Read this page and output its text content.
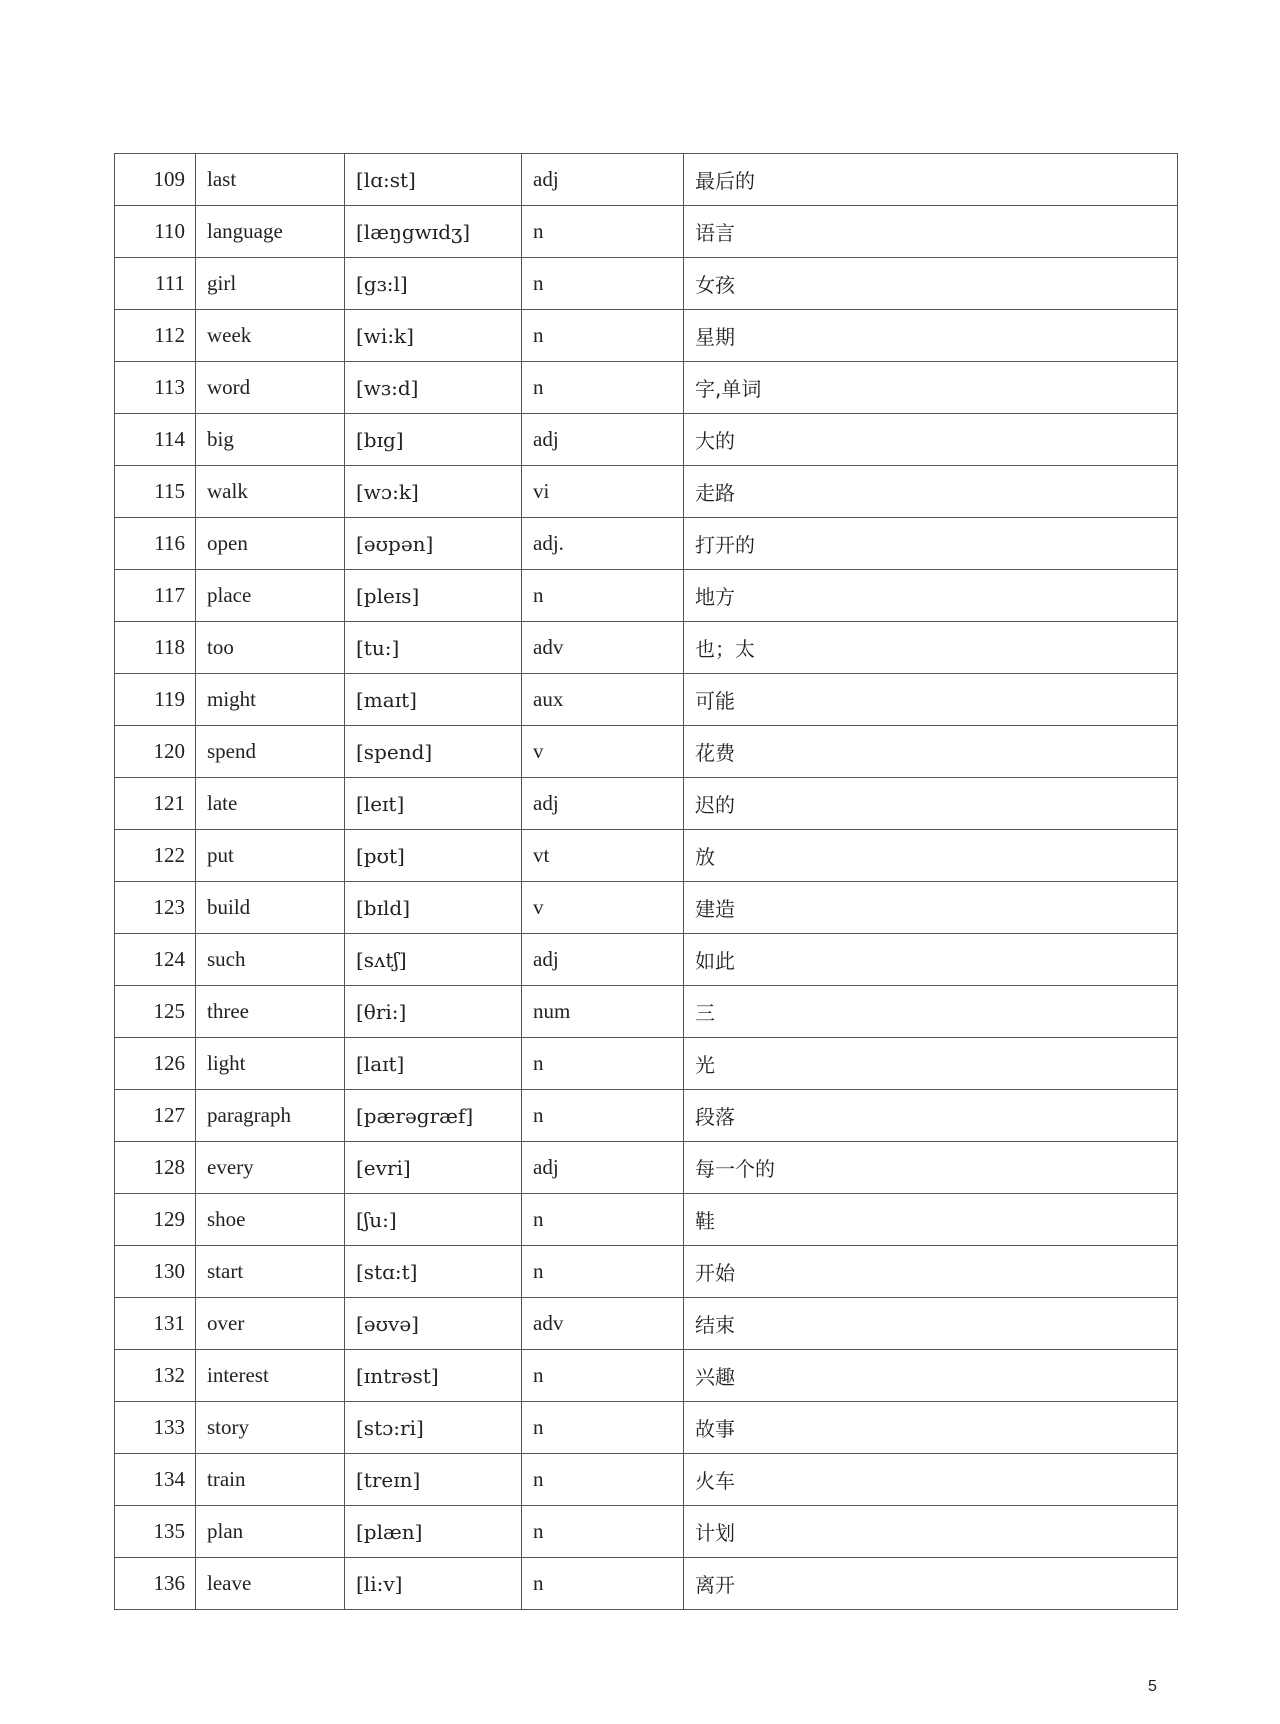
109	last	[lɑ:st]	adj	最后的
110	language	[læŋgwɪdʒ]	n	语言
111	girl	[gɜ:l]	n	女孩
112	week	[wi:k]	n	星期
113	word	[wɜ:d]	n	字,单词
114	big	[bɪg]	adj	大的
115	walk	[wɔ:k]	vi	走路
116	open	[əʊpən]	adj.	打开的
117	place	[pleɪs]	n	地方
118	too	[tu:]	adv	也；太
119	might	[maɪt]	aux	可能
120	spend	[spend]	v	花费
121	late	[leɪt]	adj	迟的
122	put	[pʊt]	vt	放
123	build	[bɪld]	v	建造
124	such	[sʌtʃ]	adj	如此
125	three	[θri:]	num	三
126	light	[laɪt]	n	光
127	paragraph	[pærəgræf]	n	段落
128	every	[evri]	adj	每一个的
129	shoe	[ʃu:]	n	鞋
130	start	[stɑ:t]	n	开始
131	over	[əʊvə]	adv	结束
132	interest	[ɪntrəst]	n	兴趣
133	story	[stɔ:ri]	n	故事
134	train	[treɪn]	n	火车
135	plan	[plæn]	n	计划
136	leave	[li:v]	n	离开
5
